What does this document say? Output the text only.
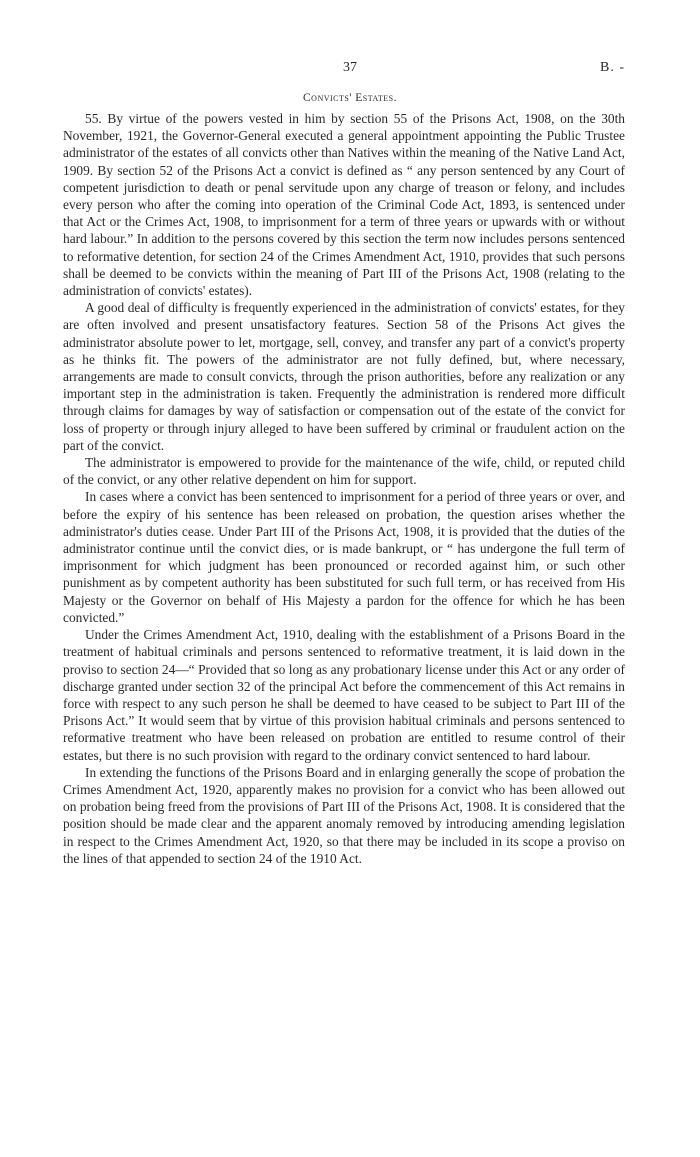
37	B. -
Convicts' Estates.

55. By virtue of the powers vested in him by section 55 of the Prisons Act, 1908, on the 30th November, 1921, the Governor-General executed a general appointment appointing the Public Trustee administrator of the estates of all convicts other than Natives within the meaning of the Native Land Act, 1909. By section 52 of the Prisons Act a convict is defined as “ any person sentenced by any Court of competent jurisdiction to death or penal servitude upon any charge of treason or felony, and includes every person who after the coming into operation of the Criminal Code Act, 1893, is sentenced under that Act or the Crimes Act, 1908, to imprisonment for a term of three years or upwards with or without hard labour.” In addition to the persons covered by this section the term now includes persons sentenced to reformative detention, for section 24 of the Crimes Amendment Act, 1910, provides that such persons shall be deemed to be convicts within the meaning of Part III of the Prisons Act, 1908 (relating to the administration of convicts' estates).

A good deal of difficulty is frequently experienced in the administration of convicts' estates, for they are often involved and present unsatisfactory features. Section 58 of the Prisons Act gives the administrator absolute power to let, mortgage, sell, convey, and transfer any part of a convict's property as he thinks fit. The powers of the administrator are not fully defined, but, where necessary, arrangements are made to consult convicts, through the prison authorities, before any realization or any important step in the administration is taken. Frequently the administration is rendered more difficult through claims for damages by way of satisfaction or compensation out of the estate of the convict for loss of property or through injury alleged to have been suffered by criminal or fraudulent action on the part of the convict.

The administrator is empowered to provide for the maintenance of the wife, child, or reputed child of the convict, or any other relative dependent on him for support.

In cases where a convict has been sentenced to imprisonment for a period of three years or over, and before the expiry of his sentence has been released on probation, the question arises whether the administrator's duties cease. Under Part III of the Prisons Act, 1908, it is provided that the duties of the administrator continue until the convict dies, or is made bankrupt, or “ has undergone the full term of imprisonment for which judgment has been pronounced or recorded against him, or such other punishment as by competent authority has been substituted for such full term, or has received from His Majesty or the Governor on behalf of His Majesty a pardon for the offence for which he has been convicted.”

Under the Crimes Amendment Act, 1910, dealing with the establishment of a Prisons Board in the treatment of habitual criminals and persons sentenced to reformative treatment, it is laid down in the proviso to section 24—“ Provided that so long as any probationary license under this Act or any order of discharge granted under section 32 of the principal Act before the commencement of this Act remains in force with respect to any such person he shall be deemed to have ceased to be subject to Part III of the Prisons Act.” It would seem that by virtue of this provision habitual criminals and persons sentenced to reformative treatment who have been released on probation are entitled to resume control of their estates, but there is no such provision with regard to the ordinary convict sentenced to hard labour.

In extending the functions of the Prisons Board and in enlarging generally the scope of probation the Crimes Amendment Act, 1920, apparently makes no provision for a convict who has been allowed out on probation being freed from the provisions of Part III of the Prisons Act, 1908. It is considered that the position should be made clear and the apparent anomaly removed by introducing amending legislation in respect to the Crimes Amendment Act, 1920, so that there may be included in its scope a proviso on the lines of that appended to section 24 of the 1910 Act.
